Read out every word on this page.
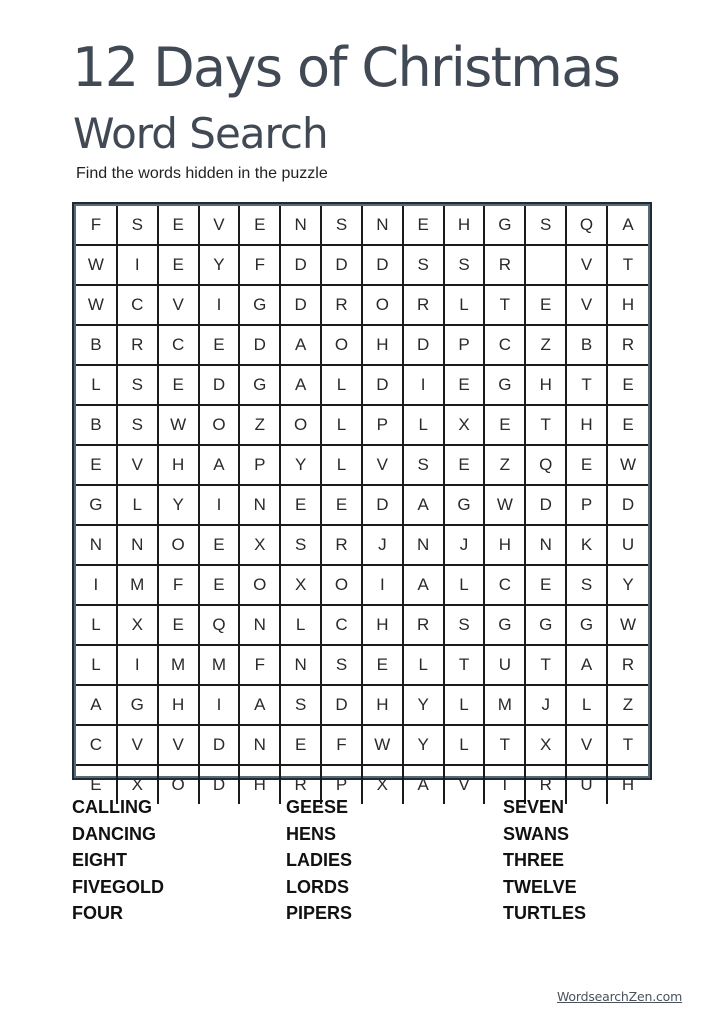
12 Days of Christmas
Word Search

Find the words hidden in the puzzle

F	S	E	V	E	N	S	N	E	H	G	S	Q	A
W	I	E	Y	F	D	D	D	S	S	R		V	T
W	C	V	I	G	D	R	O	R	L	T	E	V	H
B	R	C	E	D	A	O	H	D	P	C	Z	B	R
L	S	E	D	G	A	L	D	I	E	G	H	T	E
B	S	W	O	Z	O	L	P	L	X	E	T	H	E
E	V	H	A	P	Y	L	V	S	E	Z	Q	E	W
G	L	Y	I	N	E	E	D	A	G	W	D	P	D
N	N	O	E	X	S	R	J	N	J	H	N	K	U
I	M	F	E	O	X	O	I	A	L	C	E	S	Y
L	X	E	Q	N	L	C	H	R	S	G	G	G	W
L	I	M	M	F	N	S	E	L	T	U	T	A	R
A	G	H	I	A	S	D	H	Y	L	M	J	L	Z
C	V	V	D	N	E	F	W	Y	L	T	X	V	T
E	X	O	D	H	R	P	X	A	V	T	R	U	H
CALLING
DANCING
EIGHT
FIVEGOLD
FOUR
GEESE
HENS
LADIES
LORDS
PIPERS
SEVEN
SWANS
THREE
TWELVE
TURTLES
WordsearchZen.com
